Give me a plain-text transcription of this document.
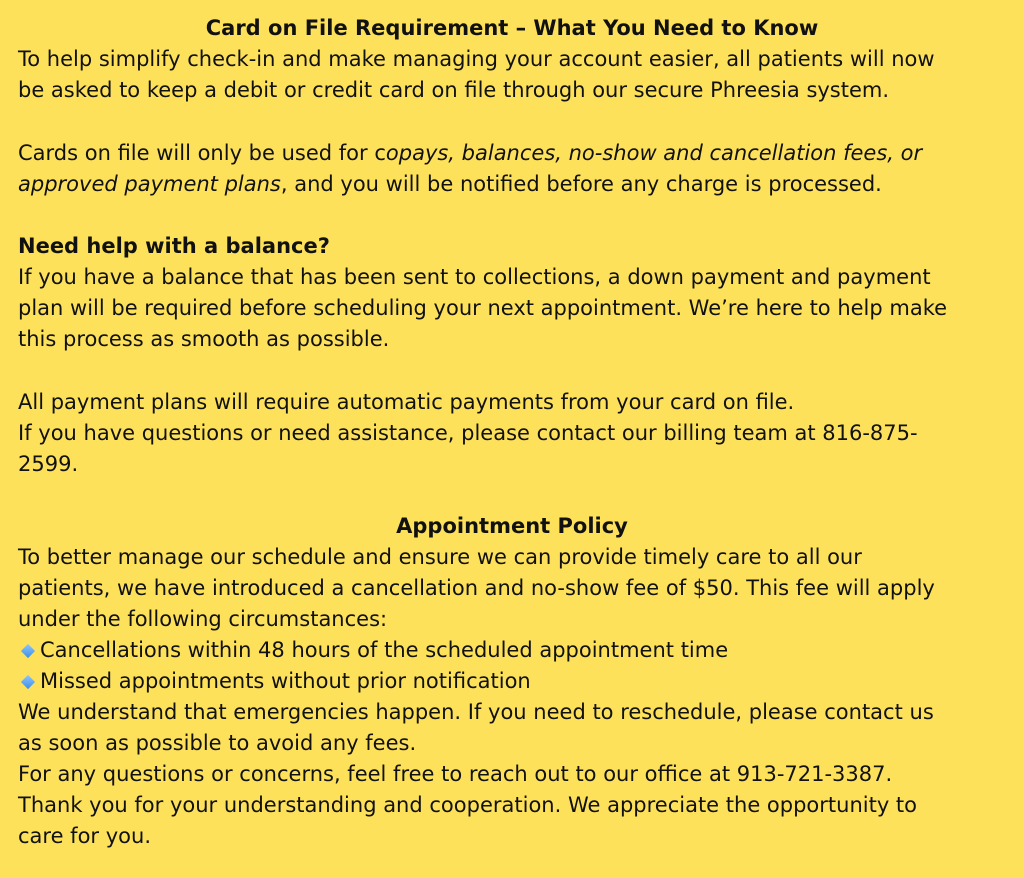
Card on File Requirement – What You Need to Know

To help simplify check-in and make managing your account easier, all patients will now

be asked to keep a debit or credit card on file through our secure Phreesia system.

Cards on file will only be used for copays, balances, no-show and cancellation fees, or

approved payment plans, and you will be notified before any charge is processed.

Need help with a balance?

If you have a balance that has been sent to collections, a down payment and payment

plan will be required before scheduling your next appointment. We’re here to help make

this process as smooth as possible.

All payment plans will require automatic payments from your card on file.

If you have questions or need assistance, please contact our billing team at 816-875-

2599.

Appointment Policy

To better manage our schedule and ensure we can provide timely care to all our

patients, we have introduced a cancellation and no-show fee of $50. This fee will apply

under the following circumstances:

Cancellations within 48 hours of the scheduled appointment time
Missed appointments without prior notification

We understand that emergencies happen. If you need to reschedule, please contact us

as soon as possible to avoid any fees.

For any questions or concerns, feel free to reach out to our office at 913-721-3387.

Thank you for your understanding and cooperation. We appreciate the opportunity to

care for you.
